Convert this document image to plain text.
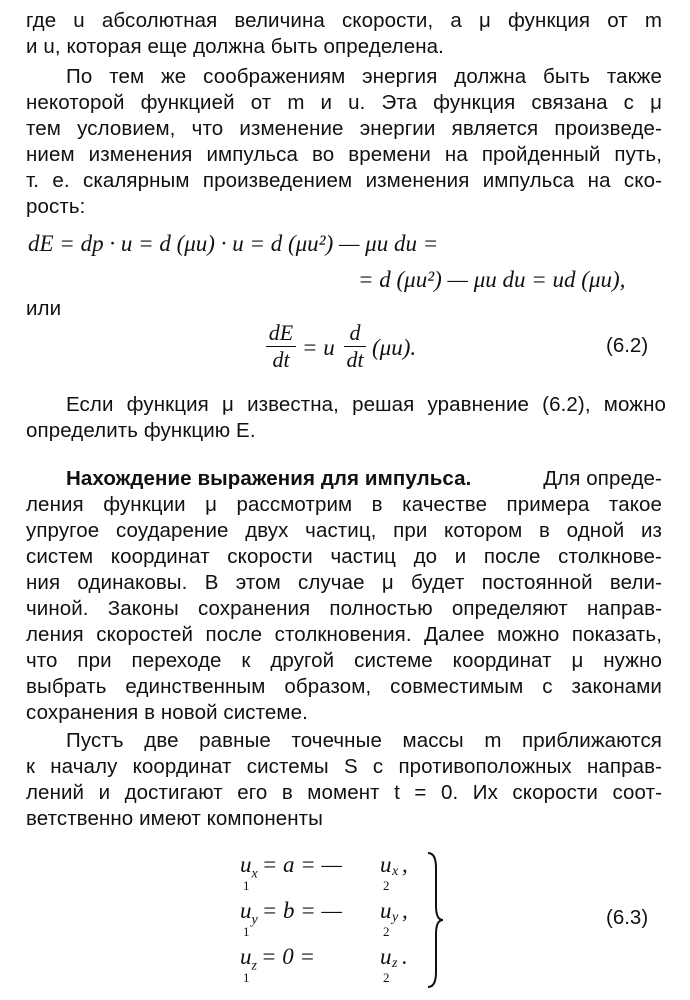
где u абсолютная величина скорости, а μ функция от m
и u, которая еще должна быть определена.
По тем же соображениям энергия должна быть также
некоторой функцией от m и u. Эта функция связана с μ
тем условием, что изменение энергии является произведе-
нием изменения импульса во времени на пройденный путь,
т. е. скалярным произведением изменения импульса на ско-
рость:
dE = dp · u = d (μu) · u = d (μu²) — μu du =
= d (μu²) — μu du = ud (μu),
или
$\frac{dE}{dt} = u \frac{d}{dt} (\mu u)$.	(6.2)
Если функция μ известна, решая уравнение (6.2), можно
определить функцию E.
Нахождение выражения для импульса.	Для опреде-
ления функции μ рассмотрим в качестве примера такое
упругое соударение двух частиц, при котором в одной из
систем координат скорости частиц до и после столкнове-
ния одинаковы. В этом случае μ будет постоянной вели-
чиной. Законы сохранения полностью определяют направ-
ления скоростей после столкновения. Далее можно показать,
что при переходе к другой системе координат μ нужно
выбрать единственным образом, совместимым с законами
сохранения в новой системе.
Пустъ две равные точечные массы m приближаются
к началу координат системы S с противоположных направ-
лений и достигают его в момент t = 0. Их скорости соот-
ветственно имеют компоненты
$u_x$
1
= a = — u x ,
2
$u_y$
1
= b = — u y ,
2
$u_z$
1
= 0 =	u z .
2
(6.3)
